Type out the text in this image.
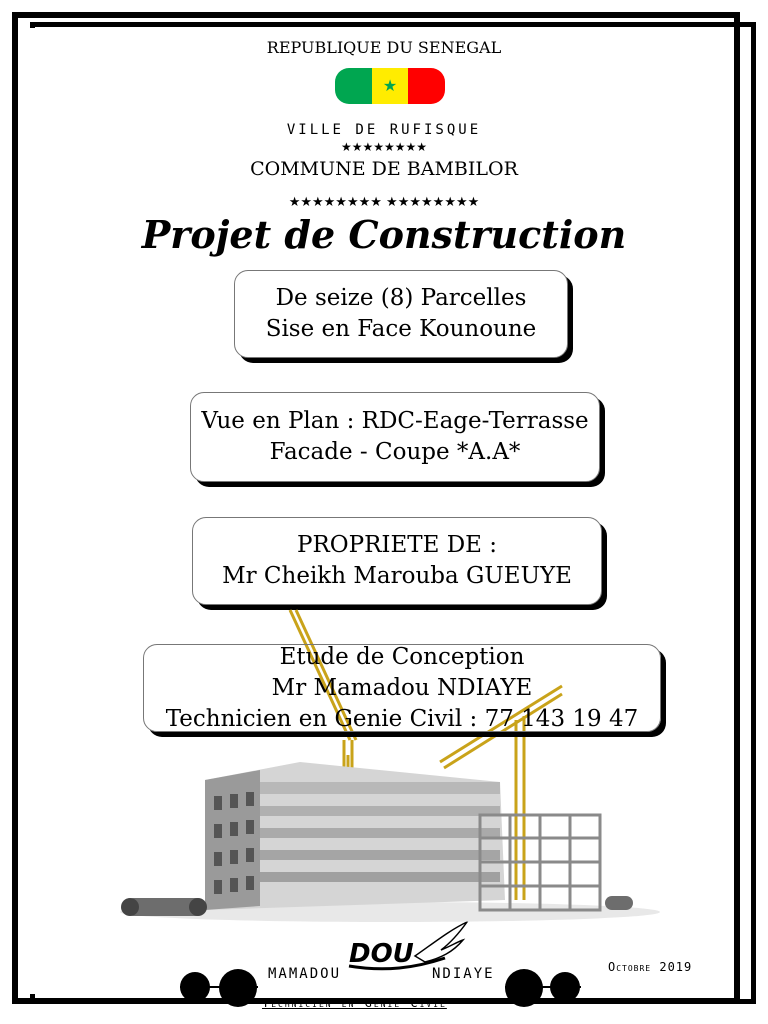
REPUBLIQUE DU SENEGAL
★
VILLE DE RUFISQUE
★★★★★★★★
COMMUNE DE BAMBILOR
★★★★★★★★ ★★★★★★★★
Projet de Construction
De seize (8) Parcelles
Sise en Face Kounoune
Vue en Plan : RDC-Eage-Terrasse
Facade - Coupe *A.A*
PROPRIETE DE :
Mr Cheikh Marouba GUEUYE
Etude de Conception
Mr Mamadou NDIAYE
Technicien en Genie Civil : 77 143 19 47
DOU
MAMADOU	NDIAYE
Technicien en Genie Civil
Octobre 2019
